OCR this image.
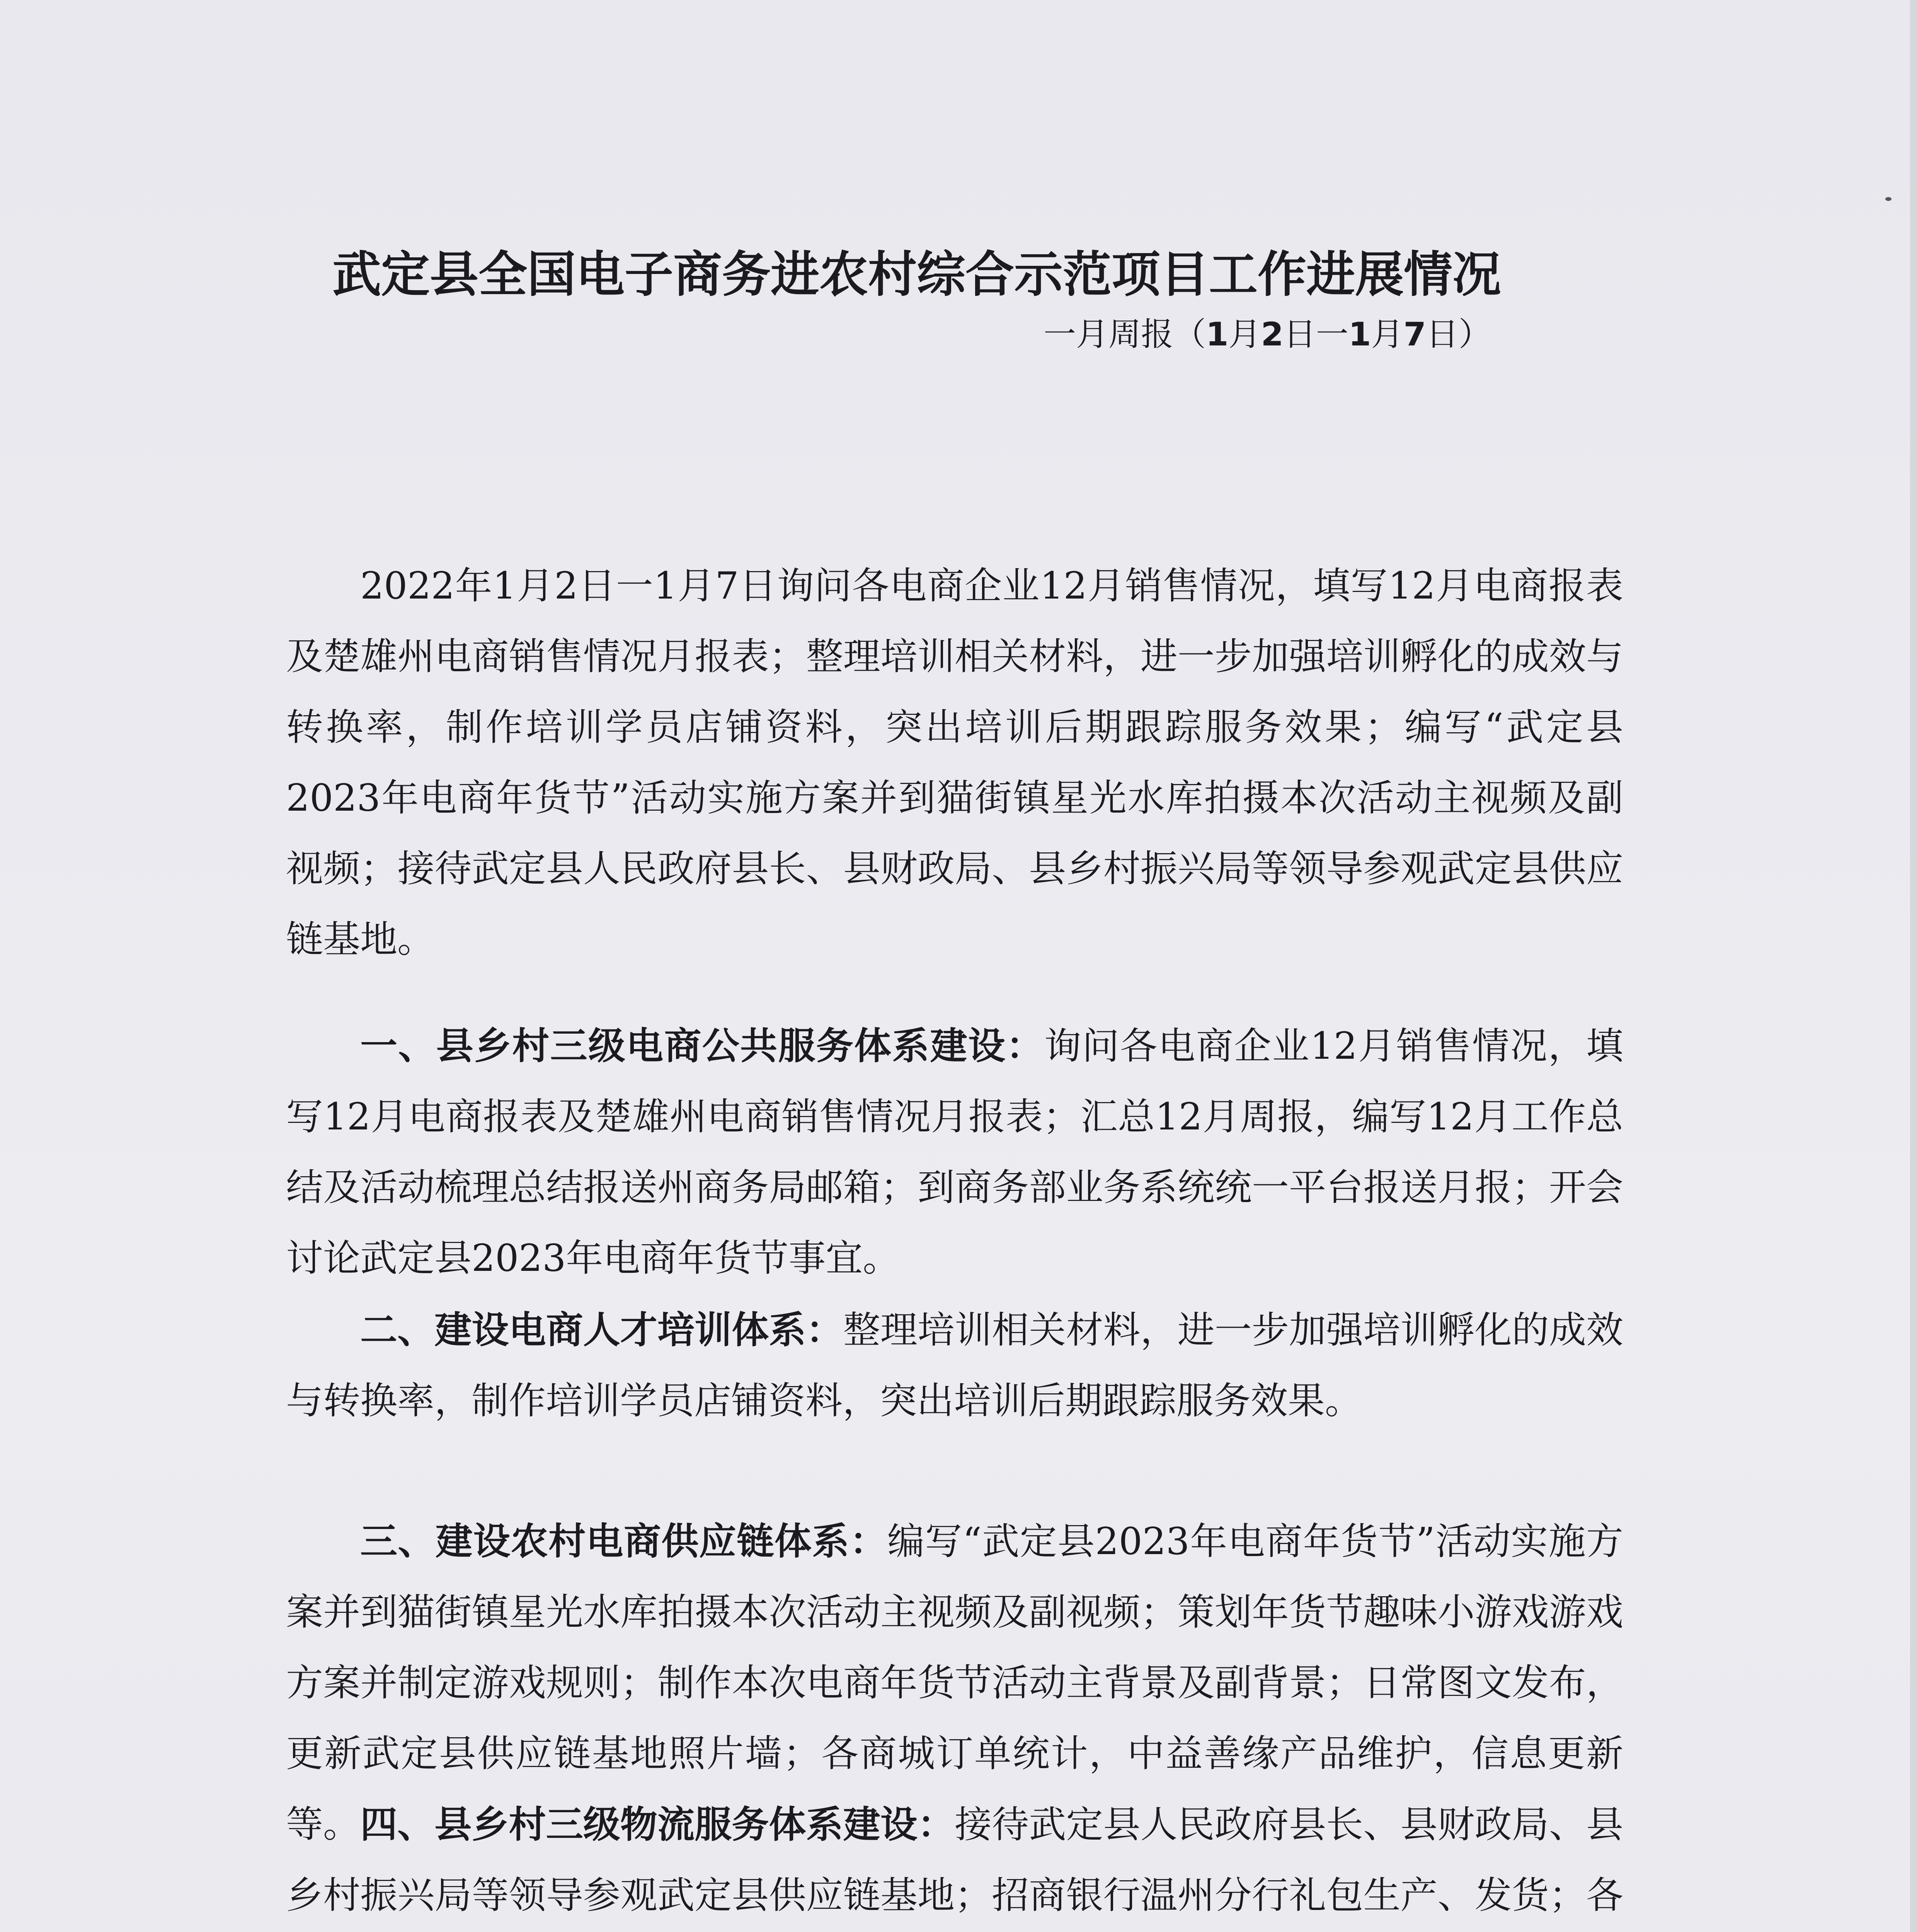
武定县全国电子商务进农村综合示范项目工作进展情况
一月周报（1月2日一1月7日）

2022年1月2日一1月7日询问各电商企业12月销售情况，填写12月电商报表及楚雄州电商销售情况月报表；整理培训相关材料，进一步加强培训孵化的成效与转换率，制作培训学员店铺资料，突出培训后期跟踪服务效果；编写“武定县2023年电商年货节”活动实施方案并到猫街镇星光水库拍摄本次活动主视频及副视频；接待武定县人民政府县长、县财政局、县乡村振兴局等领导参观武定县供应链基地。

一、县乡村三级电商公共服务体系建设：询问各电商企业12月销售情况，填写12月电商报表及楚雄州电商销售情况月报表；汇总12月周报，编写12月工作总结及活动梳理总结报送州商务局邮箱；到商务部业务系统统一平台报送月报；开会讨论武定县2023年电商年货节事宜。

二、建设电商人才培训体系：整理培训相关材料，进一步加强培训孵化的成效与转换率，制作培训学员店铺资料，突出培训后期跟踪服务效果。

三、建设农村电商供应链体系：编写“武定县2023年电商年货节”活动实施方案并到猫街镇星光水库拍摄本次活动主视频及副视频；策划年货节趣味小游戏游戏方案并制定游戏规则；制作本次电商年货节活动主背景及副背景；日常图文发布，更新武定县供应链基地照片墙；各商城订单统计，中益善缘产品维护，信息更新等。 四、县乡村三级物流服务体系建设：接待武定县人民政府县长、县财政局、县乡村振兴局等领导参观武定县供应链基地；招商银行温州分行礼包生产、发货；各
